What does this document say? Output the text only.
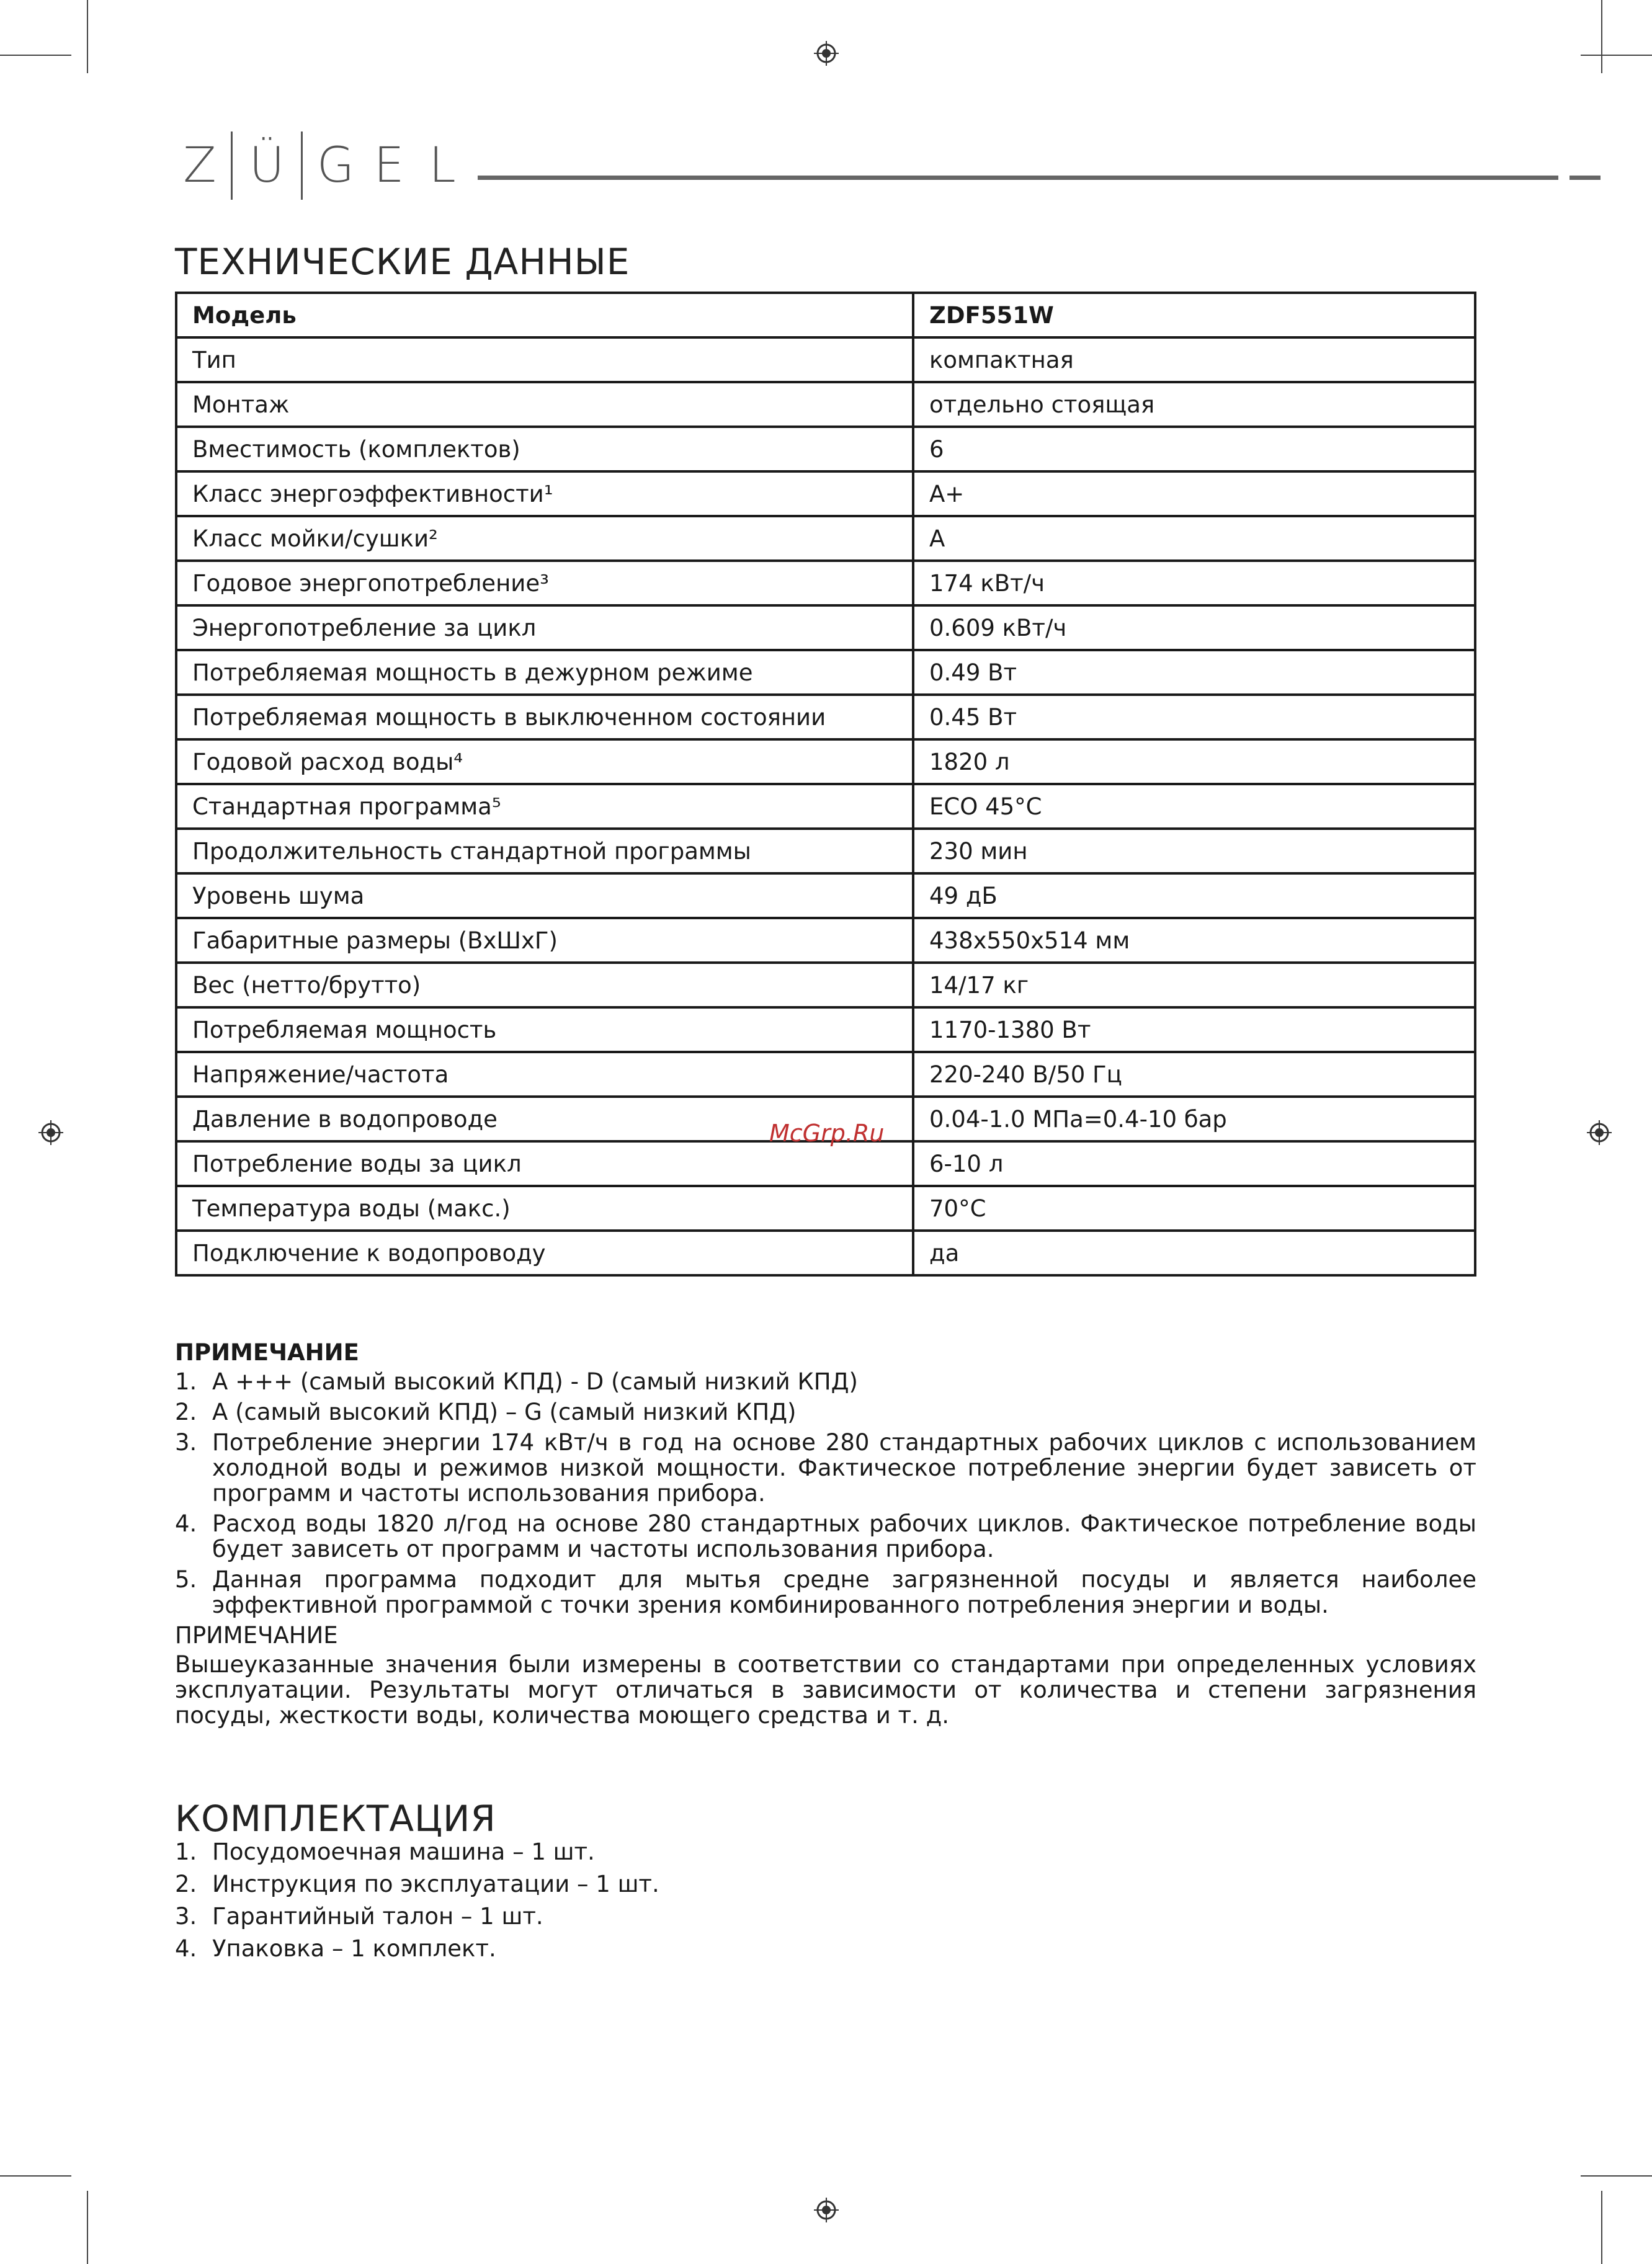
Z Ü G E L
ТЕХНИЧЕСКИЕ ДАННЫЕ
Модель	ZDF551W
Тип	компактная
Монтаж	отдельно стоящая
Вместимость (комплектов)	6
Класс энергоэффективности¹	A+
Класс мойки/сушки²	A
Годовое энергопотребление³	174 кВт/ч
Энергопотребление за цикл	0.609 кВт/ч
Потребляемая мощность в дежурном режиме	0.49 Вт
Потребляемая мощность в выключенном состоянии	0.45 Вт
Годовой расход воды⁴	1820 л
Стандартная программа⁵	ECO 45°C
Продолжительность стандартной программы	230 мин
Уровень шума	49 дБ
Габаритные размеры (ВхШхГ)	438x550x514 мм
Вес (нетто/брутто)	14/17 кг
Потребляемая мощность	1170-1380 Вт
Напряжение/частота	220-240 В/50 Гц
Давление в водопроводе	0.04-1.0 МПа=0.4-10 бар
Потребление воды за цикл	6-10 л
Температура воды (макс.)	70°C
Подключение к водопроводу	да
McGrp.Ru
ПРИМЕЧАНИЕ
1. A +++ (самый высокий КПД) - D (самый низкий КПД)
2. A (самый высокий КПД) – G (самый низкий КПД)
3. Потребление энергии 174 кВт/ч в год на основе 280 стандартных рабочих циклов с использованием холодной воды и режимов низкой мощности. Фактическое потребление энергии будет зависеть от программ и частоты использования прибора.
4. Расход воды 1820 л/год на основе 280 стандартных рабочих циклов. Фактическое потребление воды будет зависеть от программ и частоты использования прибора.
5. Данная программа подходит для мытья средне загрязненной посуды и является наиболее эффективной программой с точки зрения комбинированного потребления энергии и воды.
ПРИМЕЧАНИЕ

Вышеуказанные значения были измерены в соответствии со стандартами при определенных условиях эксплуатации. Результаты могут отличаться в зависимости от количества и степени загрязнения посуды, жесткости воды, количества моющего средства и т. д.

КОМПЛЕКТАЦИЯ
1. Посудомоечная машина – 1 шт.
2. Инструкция по эксплуатации – 1 шт.
3. Гарантийный талон – 1 шт.
4. Упаковка – 1 комплект.
